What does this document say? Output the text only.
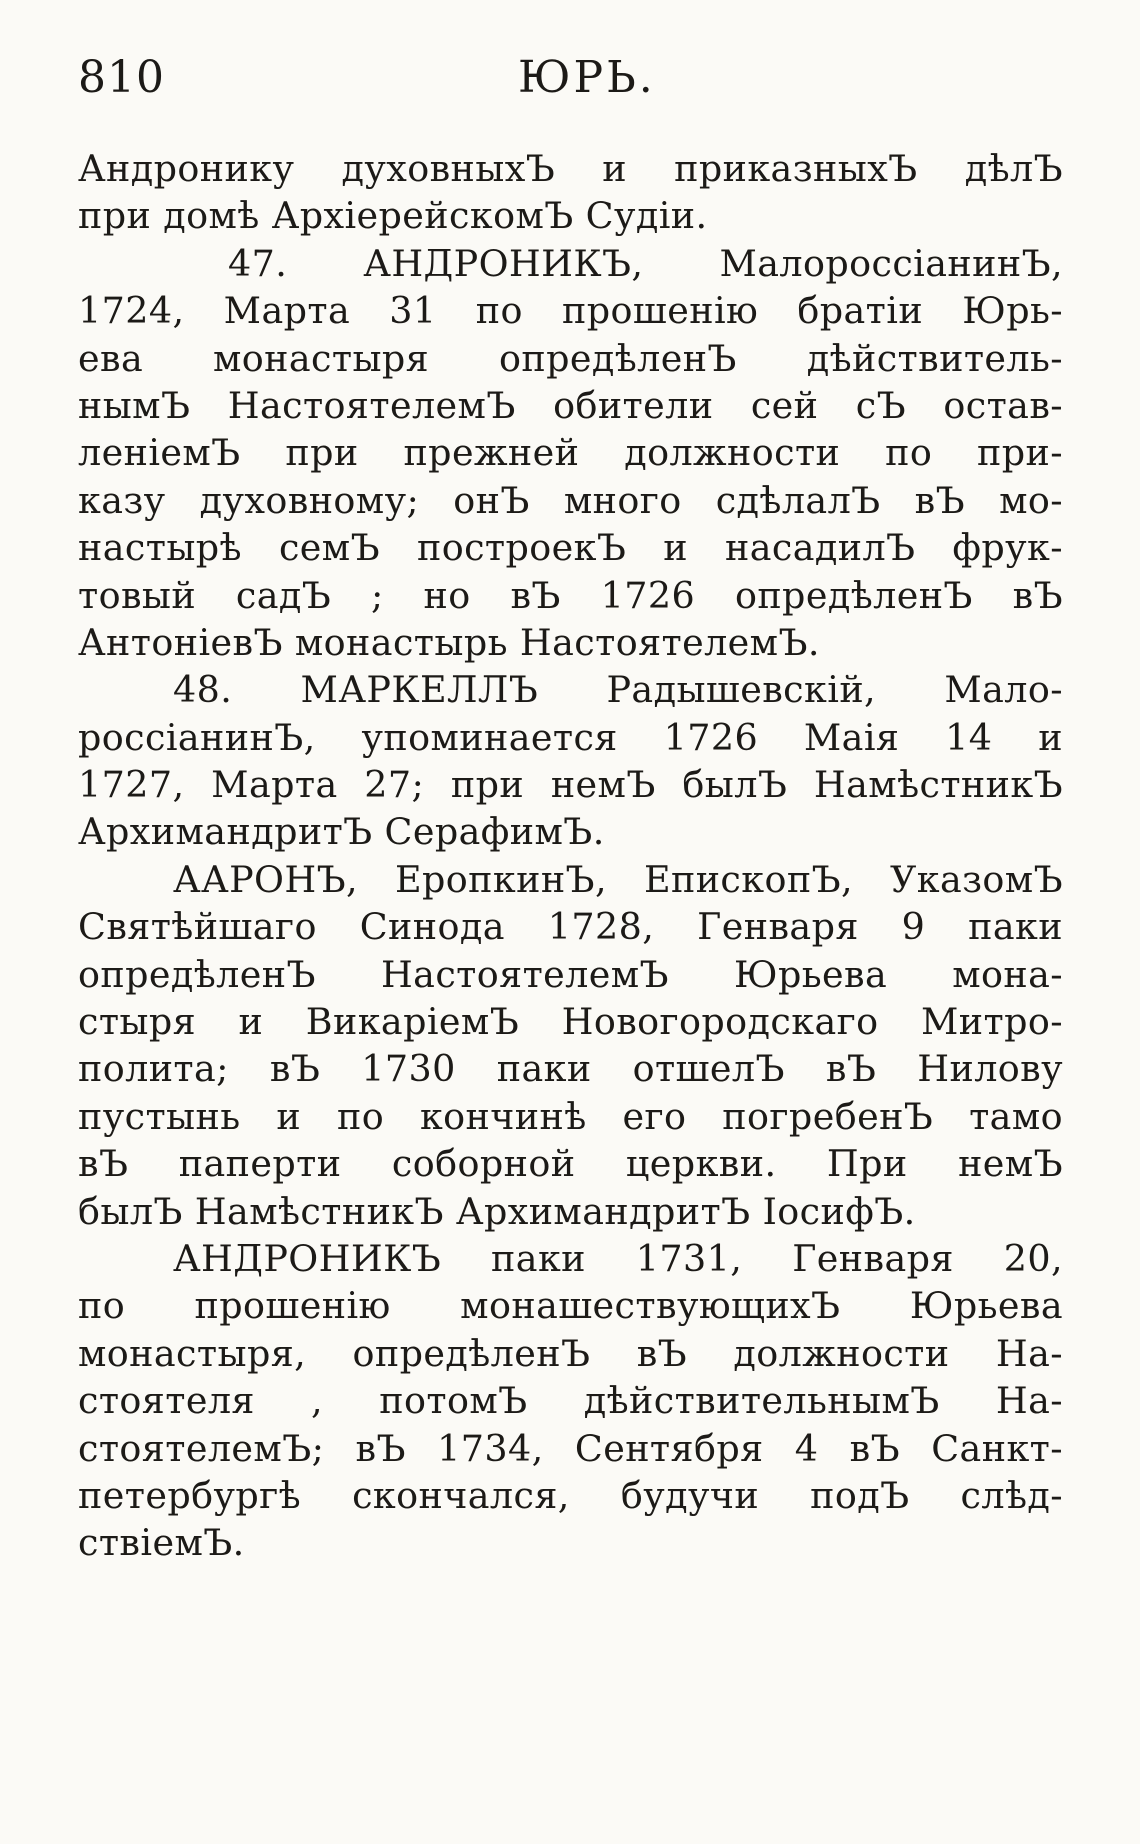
810	ЮРЬ.
Андронику духовныхЪ и приказныхЪ дѣлЪ
при домѣ АрхіерейскомЪ Судіи.
47. АНДРОНИКЪ, МалороссіанинЪ,
1724, Марта 31 по прошенію братіи Юрь-
ева монастыря опредѣленЪ дѣйствитель-
нымЪ НастоятелемЪ обители сей сЪ остав-
леніемЪ при прежней должности по при-
казу духовному; онЪ много сдѣлалЪ вЪ мо-
настырѣ семЪ построекЪ и насадилЪ фрук-
товый садЪ ; но вЪ 1726 опредѣленЪ вЪ
АнтоніевЪ монастырь НастоятелемЪ.
48. МАРКЕЛЛЪ Радышевскій, Мало-
россіанинЪ, упоминается 1726 Маія 14 и
1727, Марта 27; при немЪ былЪ НамѣстникЪ
АрхимандритЪ СерафимЪ.
ААРОНЪ, ЕропкинЪ, ЕпископЪ, УказомЪ
Святѣйшаго Синода 1728, Генваря 9 паки
опредѣленЪ НастоятелемЪ Юрьева мона-
стыря и ВикаріемЪ Новогородскаго Митро-
полита; вЪ 1730 паки отшелЪ вЪ Нилову
пустынь и по кончинѣ его погребенЪ тамо
вЪ паперти соборной церкви. При немЪ
былЪ НамѣстникЪ АрхимандритЪ ІосифЪ.
АНДРОНИКЪ паки 1731, Генваря 20,
по прошенію монашествующихЪ Юрьева
монастыря, опредѣленЪ вЪ должности На-
стоятеля , потомЪ дѣйствительнымЪ На-
стоятелемЪ; вЪ 1734, Сентября 4 вЪ Санкт-
петербургѣ скончался, будучи подЪ слѣд-
ствіемЪ.
